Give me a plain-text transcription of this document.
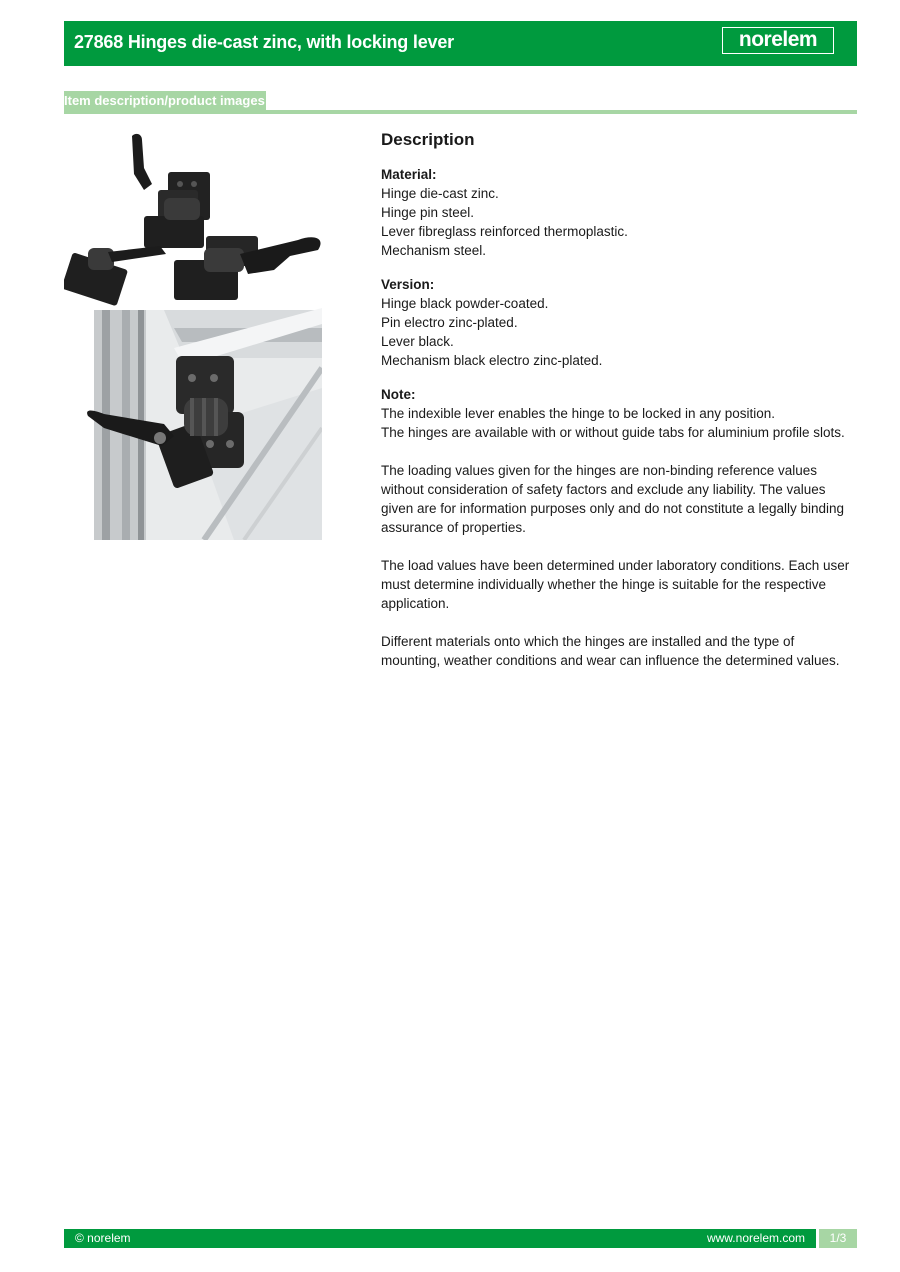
27868 Hinges die-cast zinc, with locking lever	norelem
Item description/product images
Description

Material:

Hinge die-cast zinc.

Hinge pin steel.

Lever fibreglass reinforced thermoplastic.

Mechanism steel.

Version:

Hinge black powder-coated.

Pin electro zinc-plated.

Lever black.

Mechanism black electro zinc-plated.

Note:

The indexible lever enables the hinge to be locked in any position.

The hinges are available with or without guide tabs for aluminium profile slots.

The loading values given for the hinges are non-binding reference values without consideration of safety factors and exclude any liability. The values given are for information purposes only and do not constitute a legally binding assurance of properties.

The load values have been determined under laboratory conditions. Each user must determine individually whether the hinge is suitable for the respective application.

Different materials onto which the hinges are installed and the type of mounting, weather conditions and wear can influence the determined values.

© norelem	www.norelem.com	1/3
